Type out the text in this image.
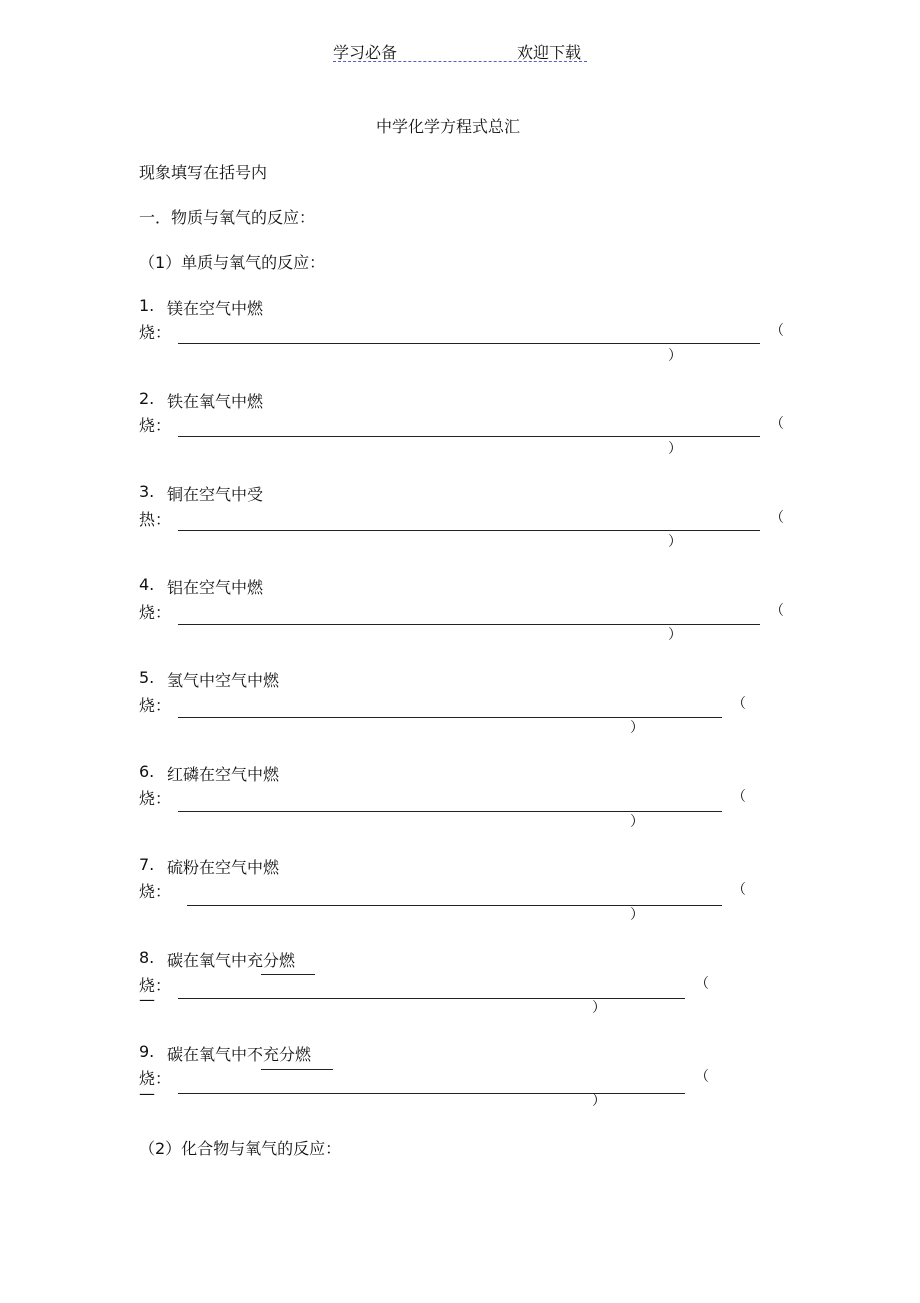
学习必备	欢迎下载
中学化学方程式总汇
现象填写在括号内
一．物质与氧气的反应：
（1）单质与氧气的反应：
1. 镁在空气中燃
烧：	（
）
2. 铁在氧气中燃
烧：	（
）
3. 铜在空气中受
热：	（
）
4. 铝在空气中燃
烧：	（
）
5. 氢气中空气中燃
烧：	（
）
6. 红磷在空气中燃
烧：	（
）
7. 硫粉在空气中燃
烧：	（
）
8. 碳在氧气中充分燃
烧：
—
（
）
9. 碳在氧气中不充分燃
烧：
—
（
）
（2）化合物与氧气的反应：
